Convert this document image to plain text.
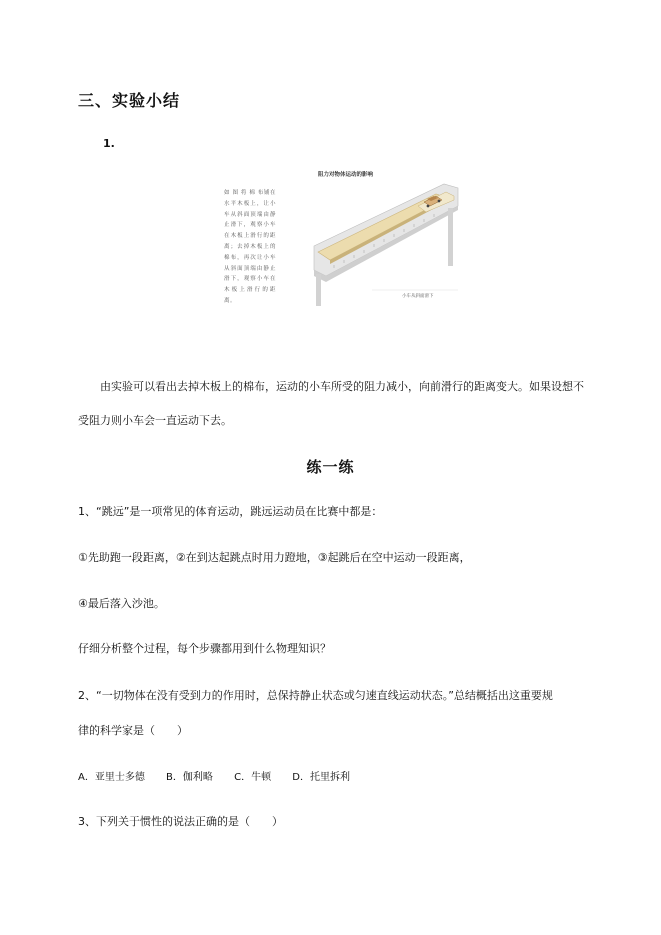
三、实验小结
1.
阻力对物体运动的影响
如 图 将 棉 布铺在水平木板上，让小车从斜面顶端由静止滑下，观察小车在木板上滑行的距离；去掉木板上的棉布，再次让小车从斜面顶端由静止滑下，观察小车在木板上滑行的距离。
小车从斜面滑下
由实验可以看出去掉木板上的棉布，运动的小车所受的阻力减小，向前滑行的距离变大。如果设想不受阻力则小车会一直运动下去。
练一练
1、“跳远”是一项常见的体育运动，跳远运动员在比赛中都是：
①先助跑一段距离，②在到达起跳点时用力蹬地，③起跳后在空中运动一段距离，
④最后落入沙池。
仔细分析整个过程，每个步骤都用到什么物理知识？
2、“一切物体在没有受到力的作用时，总保持静止状态或匀速直线运动状态。”总结概括出这重要规
律的科学家是（　　）
A．亚里士多德 B．伽利略 C．牛顿 D．托里拆利
3、下列关于惯性的说法正确的是（　　）
